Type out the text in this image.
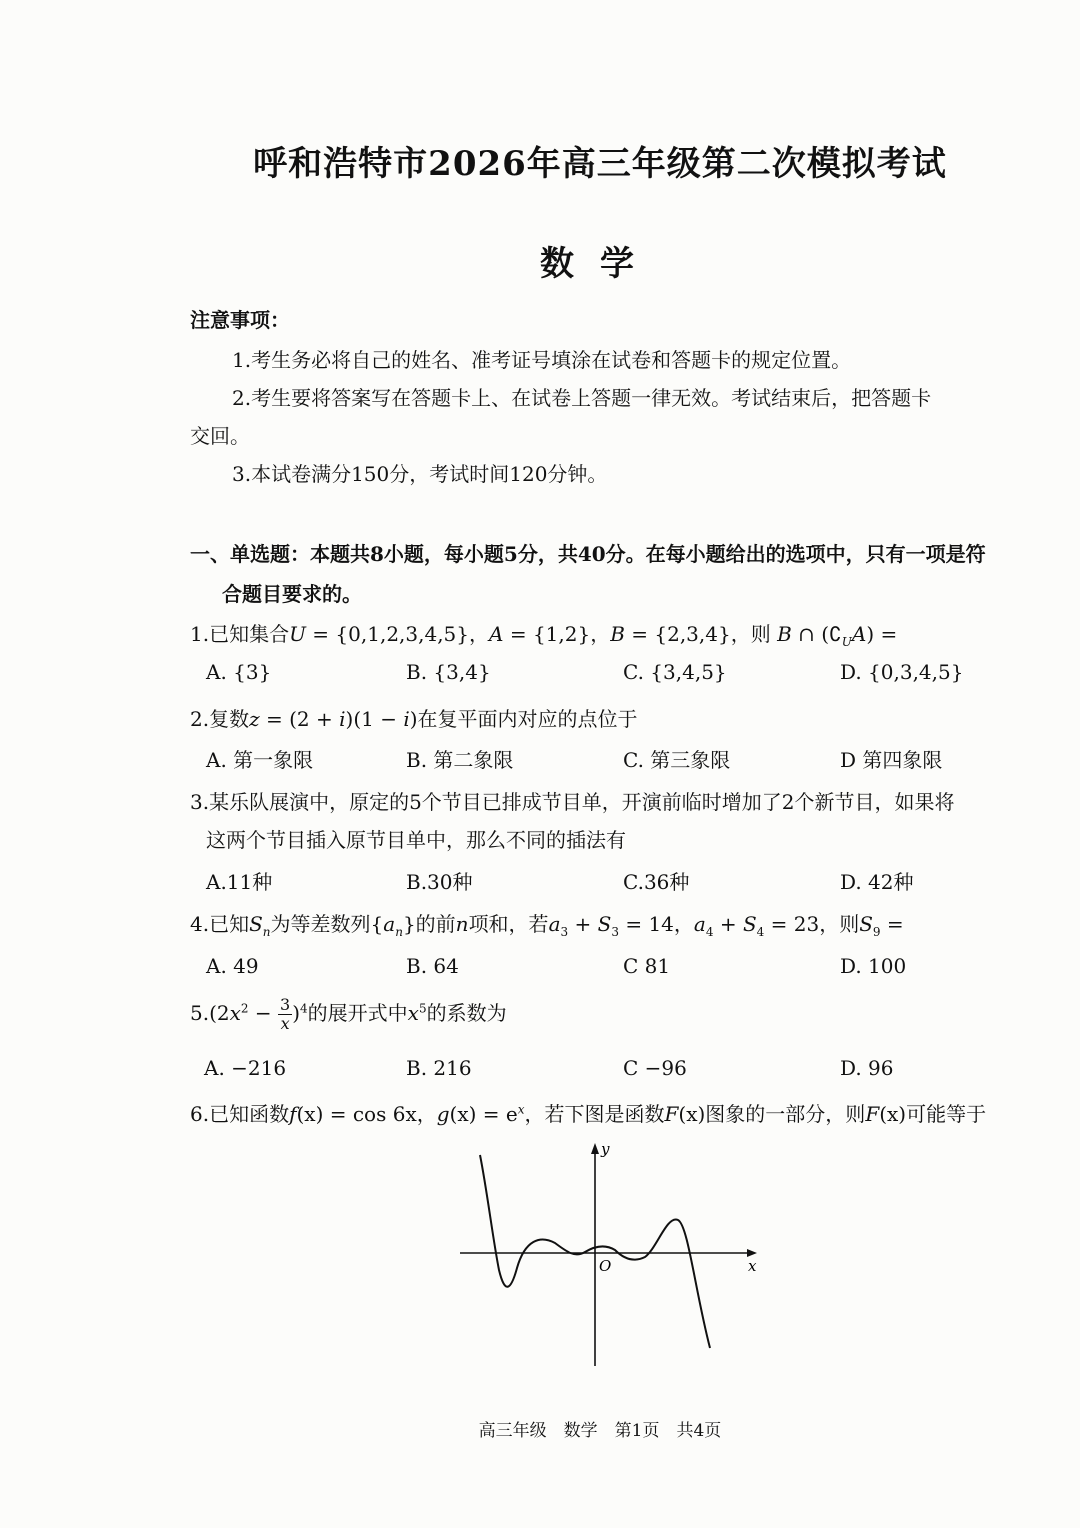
呼和浩特市2026年高三年级第二次模拟考试
数学
注意事项：
1.考生务必将自己的姓名、准考证号填涂在试卷和答题卡的规定位置。
2.考生要将答案写在答题卡上、在试卷上答题一律无效。考试结束后，把答题卡
交回。
3.本试卷满分150分，考试时间120分钟。
一、单选题：本题共8小题，每小题5分，共40分。在每小题给出的选项中，只有一项是符
合题目要求的。
1.已知集合U = {0,1,2,3,4,5}，A = {1,2}，B = {2,3,4}，则 B ∩ $(∁_UA)$ =
A. {3}	B. {3,4}	C. {3,4,5}	D. {0,3,4,5}
2.复数z = (2 + i)(1 − i)在复平面内对应的点位于
A. 第一象限	B. 第二象限	C. 第三象限	D 第四象限
3.某乐队展演中，原定的5个节目已排成节目单，开演前临时增加了2个新节目，如果将
这两个节目插入原节目单中，那么不同的插法有
A.11种	B.30种	C.36种	D. 42种
4.已知$S_n$为等差数列$\{a_n\}$的前n项和，若$a_3 + S_3 = 14$，$a_4 + S_4 = 23$，则$S_9$ =
A. 49	B. 64	C 81	D. 100
$5.(2x^2 - \frac{3}{x} )^4$的展开式中$x^5$的系数为
A. −216	B. 216	C −96	D. 96
6.已知函数f(x) = cos 6x，$g(x) = e^x$，若下图是函数F(x)图象的一部分，则F(x)可能等于
x
y
O
高三年级　数学　第1页　共4页
